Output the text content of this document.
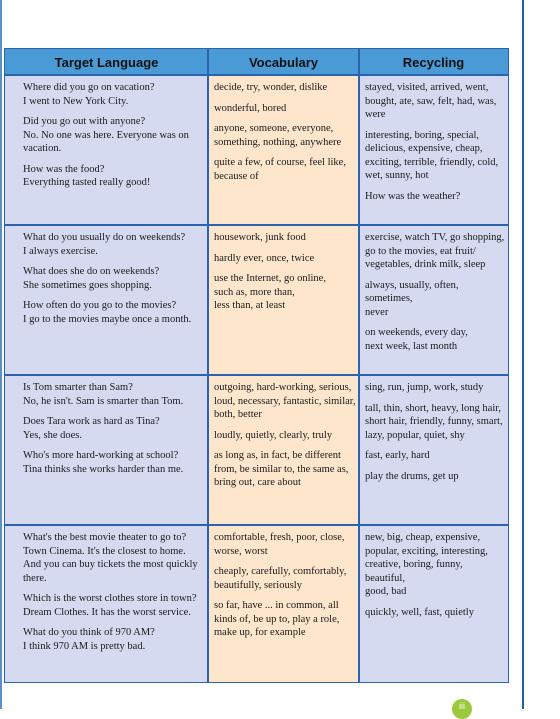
Target Language	Vocabulary	Recycling

Where did you go on vacation?
I went to New York City.

Did you go out with anyone?
No. No one was here. Everyone was on
vacation.

How was the food?
Everything tasted really good!

decide, try, wonder, dislike

wonderful, bored

anyone, someone, everyone,
something, nothing, anywhere

quite a few, of course, feel like,
because of

stayed, visited, arrived, went,
bought, ate, saw, felt, had, was,
were

interesting, boring, special,
delicious, expensive, cheap,
exciting, terrible, friendly, cold,
wet, sunny, hot

How was the weather?

What do you usually do on weekends?
I always exercise.

What does she do on weekends?
She sometimes goes shopping.

How often do you go to the movies?
I go to the movies maybe once a month.

housework, junk food

hardly ever, once, twice

use the Internet, go online,
such as, more than,
less than, at least

exercise, watch TV, go shopping,
go to the movies, eat fruit/
vegetables, drink milk, sleep

always, usually, often, sometimes,
never

on weekends, every day,
next week, last month

Is Tom smarter than Sam?
No, he isn't. Sam is smarter than Tom.

Does Tara work as hard as Tina?
Yes, she does.

Who's more hard-working at school?
Tina thinks she works harder than me.

outgoing, hard-working, serious,
loud, necessary, fantastic, similar,
both, better

loudly, quietly, clearly, truly

as long as, in fact, be different
from, be similar to, the same as,
bring out, care about

sing, run, jump, work, study

tall, thin, short, heavy, long hair,
short hair, friendly, funny, smart,
lazy, popular, quiet, shy

fast, early, hard

play the drums, get up

What's the best movie theater to go to?
Town Cinema. It's the closest to home.
And you can buy tickets the most quickly
there.

Which is the worst clothes store in town?
Dream Clothes. It has the worst service.

What do you think of 970 AM?
I think 970 AM is pretty bad.

comfortable, fresh, poor, close,
worse, worst

cheaply, carefully, comfortably,
beautifully, seriously

so far, have ... in common, all
kinds of, be up to, play a role,
make up, for example

new, big, cheap, expensive,
popular, exciting, interesting,
creative, boring, funny, beautiful,
good, bad

quickly, well, fast, quietly

iii
